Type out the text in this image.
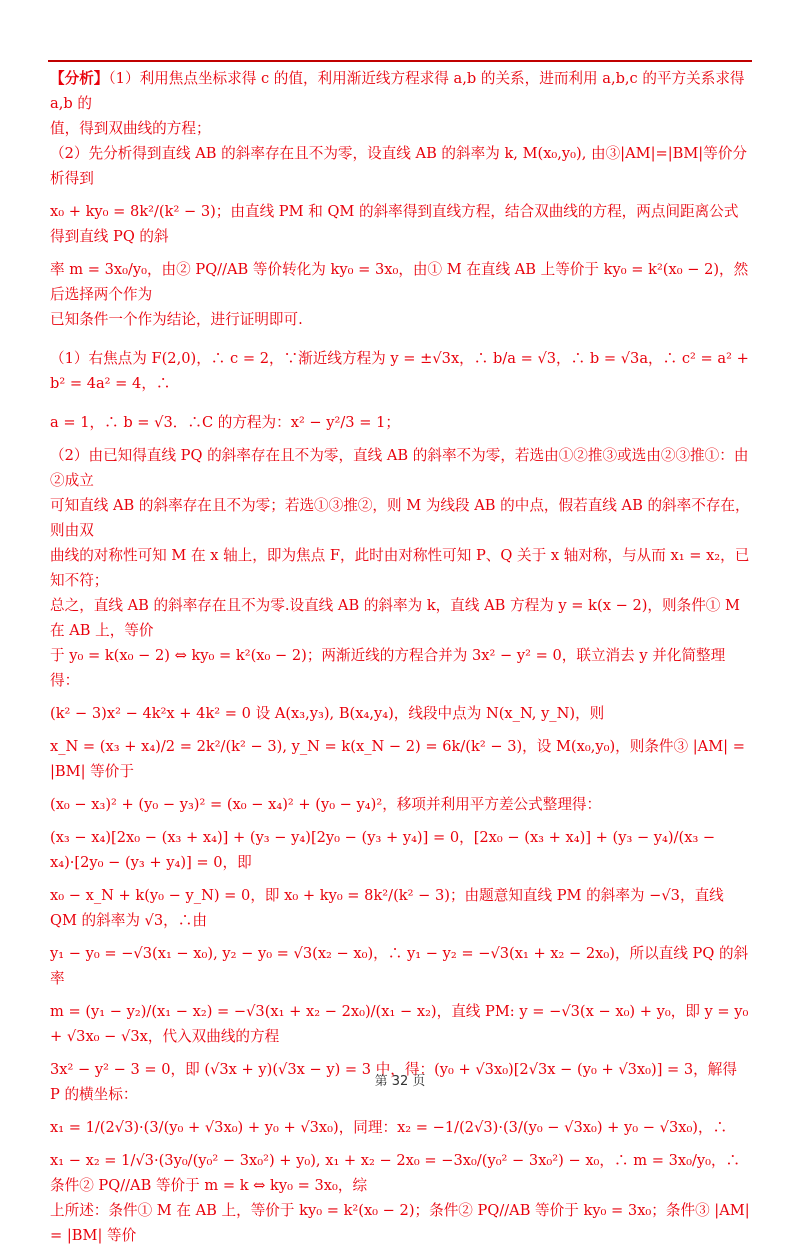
【分析】（1）利用焦点坐标求得 c 的值，利用渐近线方程求得 a,b 的关系，进而利用 a,b,c 的平方关系求得 a,b 的

值，得到双曲线的方程；

（2）先分析得到直线 AB 的斜率存在且不为零，设直线 AB 的斜率为 k, M(x₀,y₀), 由③|AM|=|BM|等价分析得到

x₀ + ky₀ = 8k²/(k² − 3)；由直线 PM 和 QM 的斜率得到直线方程，结合双曲线的方程，两点间距离公式得到直线 PQ 的斜

率 m = 3x₀/y₀，由② PQ//AB 等价转化为 ky₀ = 3x₀，由① M 在直线 AB 上等价于 ky₀ = k²(x₀ − 2)，然后选择两个作为

已知条件一个作为结论，进行证明即可.

（1）右焦点为 F(2,0)，∴ c = 2，∵渐近线方程为 y = ±√3x，∴ b/a = √3，∴ b = √3a，∴ c² = a² + b² = 4a² = 4，∴

a = 1，∴ b = √3．∴C 的方程为：x² − y²/3 = 1；

（2）由已知得直线 PQ 的斜率存在且不为零，直线 AB 的斜率不为零，若选由①②推③或选由②③推①：由②成立

可知直线 AB 的斜率存在且不为零；若选①③推②，则 M 为线段 AB 的中点，假若直线 AB 的斜率不存在，则由双

曲线的对称性可知 M 在 x 轴上，即为焦点 F，此时由对称性可知 P、Q 关于 x 轴对称，与从而 x₁ = x₂，已知不符；

总之，直线 AB 的斜率存在且不为零.设直线 AB 的斜率为 k，直线 AB 方程为 y = k(x − 2)，则条件① M 在 AB 上，等价

于 y₀ = k(x₀ − 2) ⇔ ky₀ = k²(x₀ − 2)；两渐近线的方程合并为 3x² − y² = 0，联立消去 y 并化简整理得：

(k² − 3)x² − 4k²x + 4k² = 0 设 A(x₃,y₃), B(x₄,y₄)，线段中点为 N(x_N, y_N)，则

x_N = (x₃ + x₄)/2 = 2k²/(k² − 3), y_N = k(x_N − 2) = 6k/(k² − 3)，设 M(x₀,y₀)，则条件③ |AM| = |BM| 等价于

(x₀ − x₃)² + (y₀ − y₃)² = (x₀ − x₄)² + (y₀ − y₄)²，移项并利用平方差公式整理得：

(x₃ − x₄)[2x₀ − (x₃ + x₄)] + (y₃ − y₄)[2y₀ − (y₃ + y₄)] = 0，[2x₀ − (x₃ + x₄)] + (y₃ − y₄)/(x₃ − x₄)·[2y₀ − (y₃ + y₄)] = 0，即

x₀ − x_N + k(y₀ − y_N) = 0，即 x₀ + ky₀ = 8k²/(k² − 3)；由题意知直线 PM 的斜率为 −√3，直线 QM 的斜率为 √3，∴由

y₁ − y₀ = −√3(x₁ − x₀), y₂ − y₀ = √3(x₂ − x₀)，∴ y₁ − y₂ = −√3(x₁ + x₂ − 2x₀)，所以直线 PQ 的斜率

m = (y₁ − y₂)/(x₁ − x₂) = −√3(x₁ + x₂ − 2x₀)/(x₁ − x₂)，直线 PM: y = −√3(x − x₀) + y₀，即 y = y₀ + √3x₀ − √3x，代入双曲线的方程

3x² − y² − 3 = 0，即 (√3x + y)(√3x − y) = 3 中，得：(y₀ + √3x₀)[2√3x − (y₀ + √3x₀)] = 3，解得 P 的横坐标：

x₁ = 1/(2√3)·(3/(y₀ + √3x₀) + y₀ + √3x₀)，同理：x₂ = −1/(2√3)·(3/(y₀ − √3x₀) + y₀ − √3x₀)，∴

x₁ − x₂ = 1/√3·(3y₀/(y₀² − 3x₀²) + y₀), x₁ + x₂ − 2x₀ = −3x₀/(y₀² − 3x₀²) − x₀，∴ m = 3x₀/y₀，∴条件② PQ//AB 等价于 m = k ⇔ ky₀ = 3x₀，综

上所述：条件① M 在 AB 上，等价于 ky₀ = k²(x₀ − 2)；条件② PQ//AB 等价于 ky₀ = 3x₀；条件③ |AM| = |BM| 等价

第 32 页
